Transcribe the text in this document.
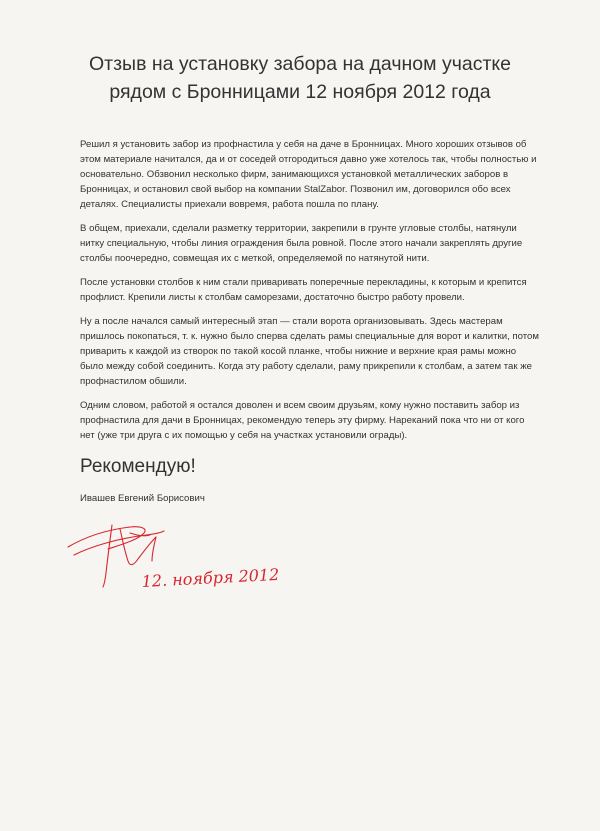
Отзыв на установку забора на дачном участке рядом с Бронницами 12 ноября 2012 года

Решил я установить забор из профнастила у себя на даче в Бронницах. Много хороших отзывов об этом материале начитался, да и от соседей отгородиться давно уже хотелось так, чтобы полностью и основательно. Обзвонил несколько фирм, занимающихся установкой металлических заборов в Бронницах, и остановил свой выбор на компании StalZabor. Позвонил им, договорился обо всех деталях. Специалисты приехали вовремя, работа пошла по плану.

В общем, приехали, сделали разметку территории, закрепили в грунте угловые столбы, натянули нитку специальную, чтобы линия ограждения была ровной. После этого начали закреплять другие столбы поочередно, совмещая их с меткой, определяемой по натянутой нити.

После установки столбов к ним стали приваривать поперечные перекладины, к которым и крепится профлист. Крепили листы к столбам саморезами, достаточно быстро работу провели.

Ну а после начался самый интересный этап — стали ворота организовывать. Здесь мастерам пришлось покопаться, т. к. нужно было сперва сделать рамы специальные для ворот и калитки, потом приварить к каждой из створок по такой косой планке, чтобы нижние и верхние края рамы можно было между собой соединить. Когда эту работу сделали, раму прикрепили к столбам, а затем так же профнастилом обшили.

Одним словом, работой я остался доволен и всем своим друзьям, кому нужно поставить забор из профнастила для дачи в Бронницах, рекомендую теперь эту фирму. Нареканий пока что ни от кого нет (уже три друга с их помощью у себя на участках установили ограды).

Рекомендую!
Ивашев Евгений Борисович
12. ноября 2012
